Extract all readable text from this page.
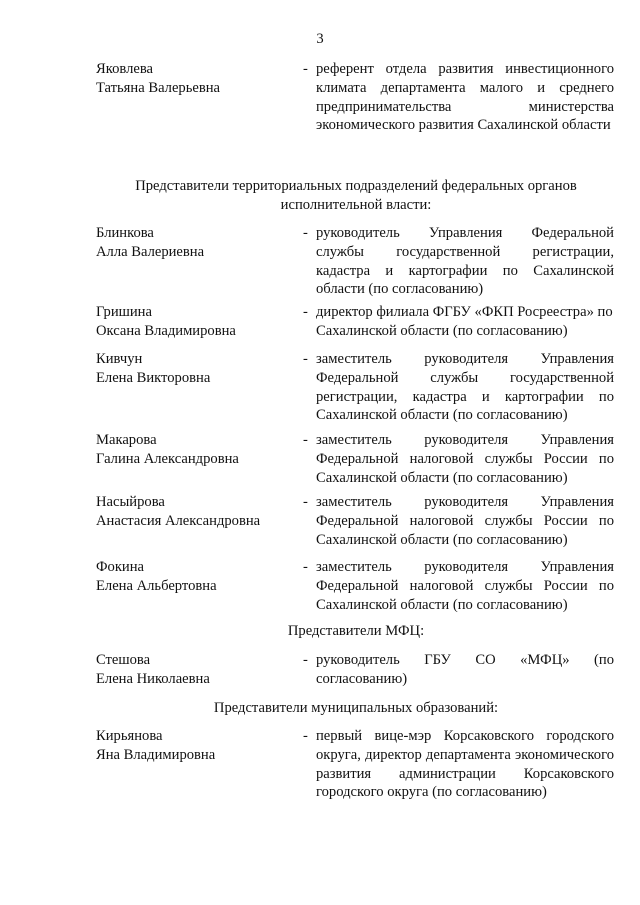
3
Яковлева
Татьяна Валерьевна
- референт отдела развития инвестиционного климата департамента малого и среднего предпринимательства министерства экономического развития Сахалинской области
Представители территориальных подразделений федеральных органов исполнительной власти:
Блинкова
Алла Валериевна
- руководитель Управления Федеральной службы государственной регистрации, кадастра и картографии по Сахалинской области (по согласованию)
Гришина
Оксана Владимировна
- директор филиала ФГБУ «ФКП Росреестра» по Сахалинской области (по согласованию)
Кивчун
Елена Викторовна
- заместитель руководителя Управления Федеральной службы государственной регистрации, кадастра и картографии по Сахалинской области (по согласованию)
Макарова
Галина Александровна
- заместитель руководителя Управления Федеральной налоговой службы России по Сахалинской области (по согласованию)
Насыйрова
Анастасия Александровна
- заместитель руководителя Управления Федеральной налоговой службы России по Сахалинской области (по согласованию)
Фокина
Елена Альбертовна
- заместитель руководителя Управления Федеральной налоговой службы России по Сахалинской области (по согласованию)
Представители МФЦ:
Стешова
Елена Николаевна
- руководитель ГБУ СО «МФЦ» (по согласованию)
Представители муниципальных образований:
Кирьянова
Яна Владимировна
- первый вице-мэр Корсаковского городского округа, директор департамента экономического развития администрации Корсаковского городского округа (по согласованию)
